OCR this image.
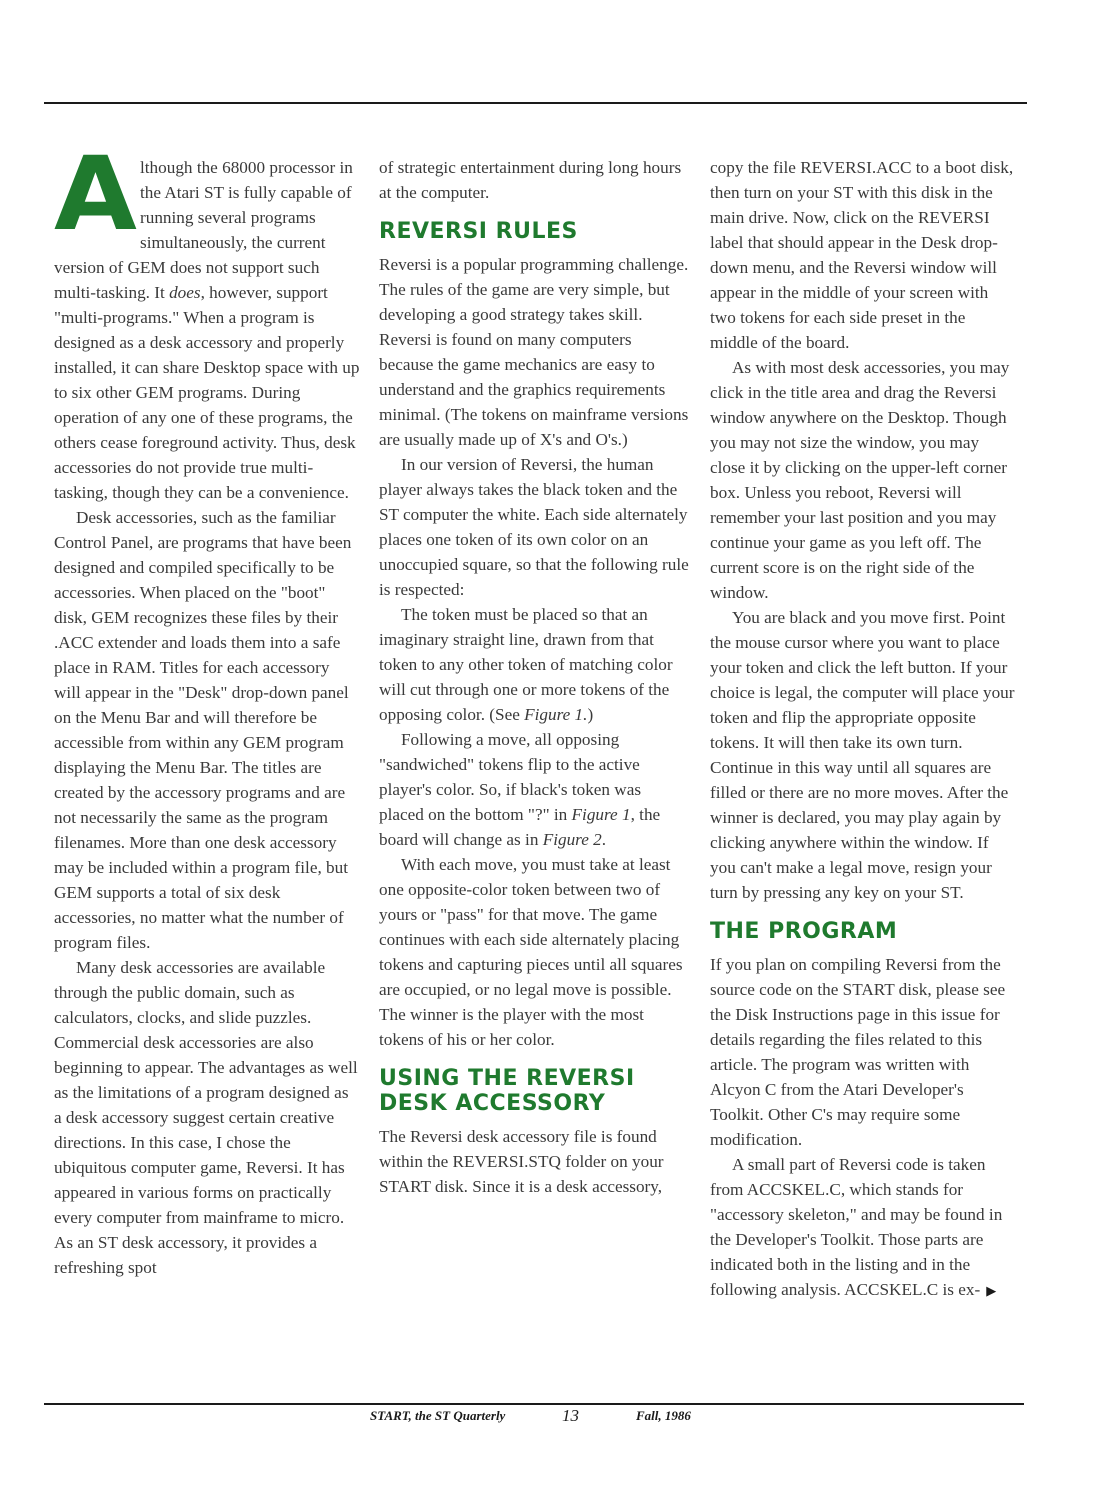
Although the 68000 processor in the Atari ST is fully capable of running several programs simultaneously, the current version of GEM does not support such multi-tasking. It does, however, support "multi-programs." When a program is designed as a desk accessory and properly installed, it can share Desktop space with up to six other GEM programs. During operation of any one of these programs, the others cease foreground activity. Thus, desk accessories do not provide true multi-tasking, though they can be a convenience.

Desk accessories, such as the familiar Control Panel, are programs that have been designed and compiled specifically to be accessories. When placed on the "boot" disk, GEM recognizes these files by their .ACC extender and loads them into a safe place in RAM. Titles for each accessory will appear in the "Desk" drop-down panel on the Menu Bar and will therefore be accessible from within any GEM program displaying the Menu Bar. The titles are created by the accessory programs and are not necessarily the same as the program filenames. More than one desk accessory may be included within a program file, but GEM supports a total of six desk accessories, no matter what the number of program files.

Many desk accessories are available through the public domain, such as calculators, clocks, and slide puzzles. Commercial desk accessories are also beginning to appear. The advantages as well as the limitations of a program designed as a desk accessory suggest certain creative directions. In this case, I chose the ubiquitous computer game, Reversi. It has appeared in various forms on practically every computer from mainframe to micro. As an ST desk accessory, it provides a refreshing spot

of strategic entertainment during long hours at the computer.

REVERSI RULES

Reversi is a popular programming challenge. The rules of the game are very simple, but developing a good strategy takes skill. Reversi is found on many computers because the game mechanics are easy to understand and the graphics requirements minimal. (The tokens on mainframe versions are usually made up of X's and O's.)

In our version of Reversi, the human player always takes the black token and the ST computer the white. Each side alternately places one token of its own color on an unoccupied square, so that the following rule is respected:

The token must be placed so that an imaginary straight line, drawn from that token to any other token of matching color will cut through one or more tokens of the opposing color. (See Figure 1.)

Following a move, all opposing "sandwiched" tokens flip to the active player's color. So, if black's token was placed on the bottom "?" in Figure 1, the board will change as in Figure 2.

With each move, you must take at least one opposite-color token between two of yours or "pass" for that move. The game continues with each side alternately placing tokens and capturing pieces until all squares are occupied, or no legal move is possible. The winner is the player with the most tokens of his or her color.

USING THE REVERSI DESK ACCESSORY

The Reversi desk accessory file is found within the REVERSI.STQ folder on your START disk. Since it is a desk accessory,

copy the file REVERSI.ACC to a boot disk, then turn on your ST with this disk in the main drive. Now, click on the REVERSI label that should appear in the Desk drop-down menu, and the Reversi window will appear in the middle of your screen with two tokens for each side preset in the middle of the board.

As with most desk accessories, you may click in the title area and drag the Reversi window anywhere on the Desktop. Though you may not size the window, you may close it by clicking on the upper-left corner box. Unless you reboot, Reversi will remember your last position and you may continue your game as you left off. The current score is on the right side of the window.

You are black and you move first. Point the mouse cursor where you want to place your token and click the left button. If your choice is legal, the computer will place your token and flip the appropriate opposite tokens. It will then take its own turn. Continue in this way until all squares are filled or there are no more moves. After the winner is declared, you may play again by clicking anywhere within the window. If you can't make a legal move, resign your turn by pressing any key on your ST.

THE PROGRAM

If you plan on compiling Reversi from the source code on the START disk, please see the Disk Instructions page in this issue for details regarding the files related to this article. The program was written with Alcyon C from the Atari Developer's Toolkit. Other C's may require some modification.

A small part of Reversi code is taken from ACCSKEL.C, which stands for "accessory skeleton," and may be found in the Developer's Toolkit. Those parts are indicated both in the listing and in the following analysis. ACCSKEL.C is ex- ▶

START, the ST Quarterly	13	Fall, 1986
